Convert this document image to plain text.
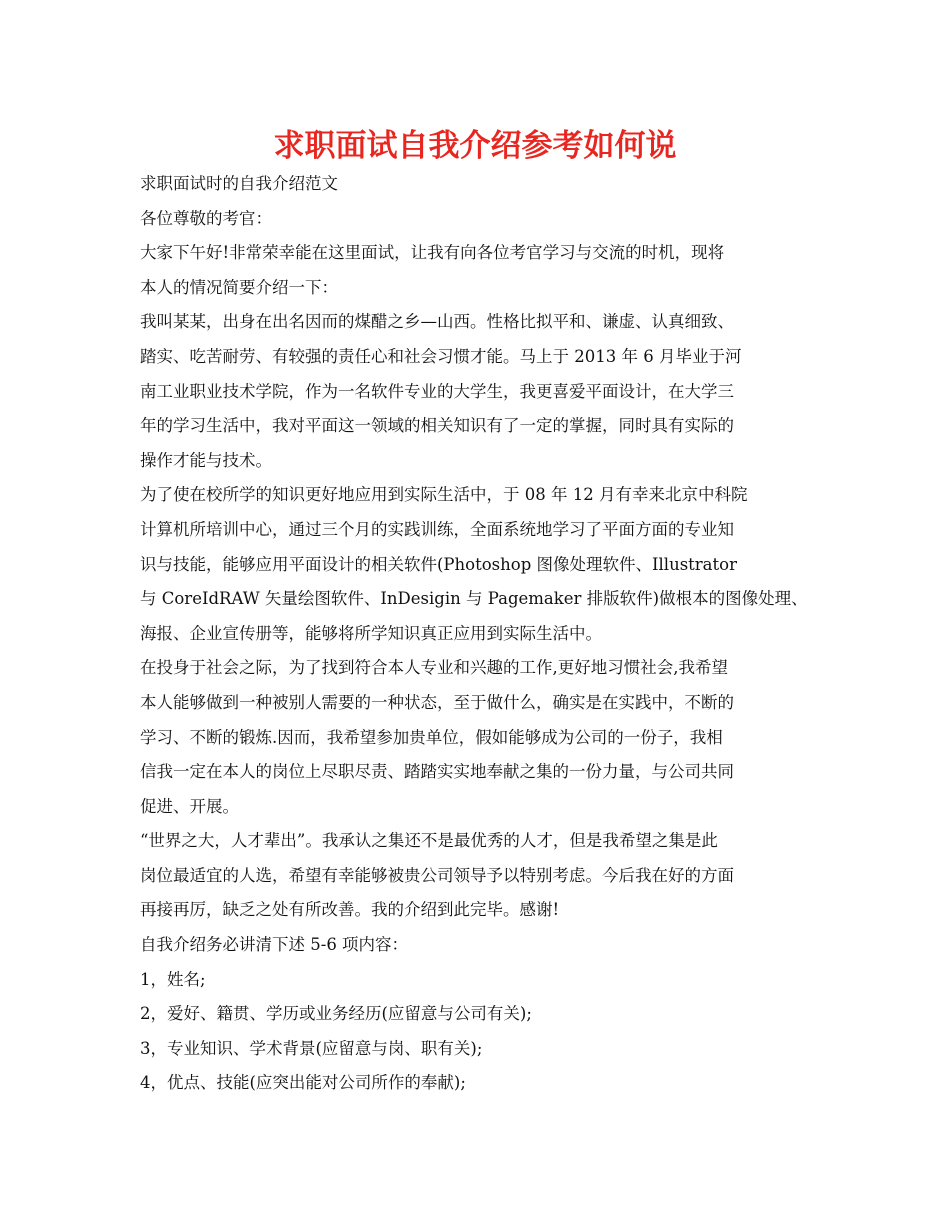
求职面试自我介绍参考如何说
求职面试时的自我介绍范文
各位尊敬的考官：
大家下午好!非常荣幸能在这里面试，让我有向各位考官学习与交流的时机，现将
本人的情况简要介绍一下：
我叫某某，出身在出名因而的煤醋之乡—山西。性格比拟平和、谦虚、认真细致、
踏实、吃苦耐劳、有较强的责任心和社会习惯才能。马上于 2013 年 6 月毕业于河
南工业职业技术学院，作为一名软件专业的大学生，我更喜爱平面设计，在大学三
年的学习生活中，我对平面这一领域的相关知识有了一定的掌握，同时具有实际的
操作才能与技术。
为了使在校所学的知识更好地应用到实际生活中，于 08 年 12 月有幸来北京中科院
计算机所培训中心，通过三个月的实践训练，全面系统地学习了平面方面的专业知
识与技能，能够应用平面设计的相关软件(Photoshop 图像处理软件、Illustrator
与 CoreIdRAW 矢量绘图软件、InDesigin 与 Pagemaker 排版软件)做根本的图像处理、
海报、企业宣传册等，能够将所学知识真正应用到实际生活中。
在投身于社会之际，为了找到符合本人专业和兴趣的工作,更好地习惯社会,我希望
本人能够做到一种被别人需要的一种状态，至于做什么，确实是在实践中，不断的
学习、不断的锻炼.因而，我希望参加贵单位，假如能够成为公司的一份子，我相
信我一定在本人的岗位上尽职尽责、踏踏实实地奉献之集的一份力量，与公司共同
促进、开展。
“世界之大，人才辈出”。我承认之集还不是最优秀的人才，但是我希望之集是此
岗位最适宜的人选，希望有幸能够被贵公司领导予以特别考虑。今后我在好的方面
再接再厉，缺乏之处有所改善。我的介绍到此完毕。感谢!
自我介绍务必讲清下述 5-6 项内容：
1，姓名;
2，爱好、籍贯、学历或业务经历(应留意与公司有关);
3，专业知识、学术背景(应留意与岗、职有关);
4，优点、技能(应突出能对公司所作的奉献);
